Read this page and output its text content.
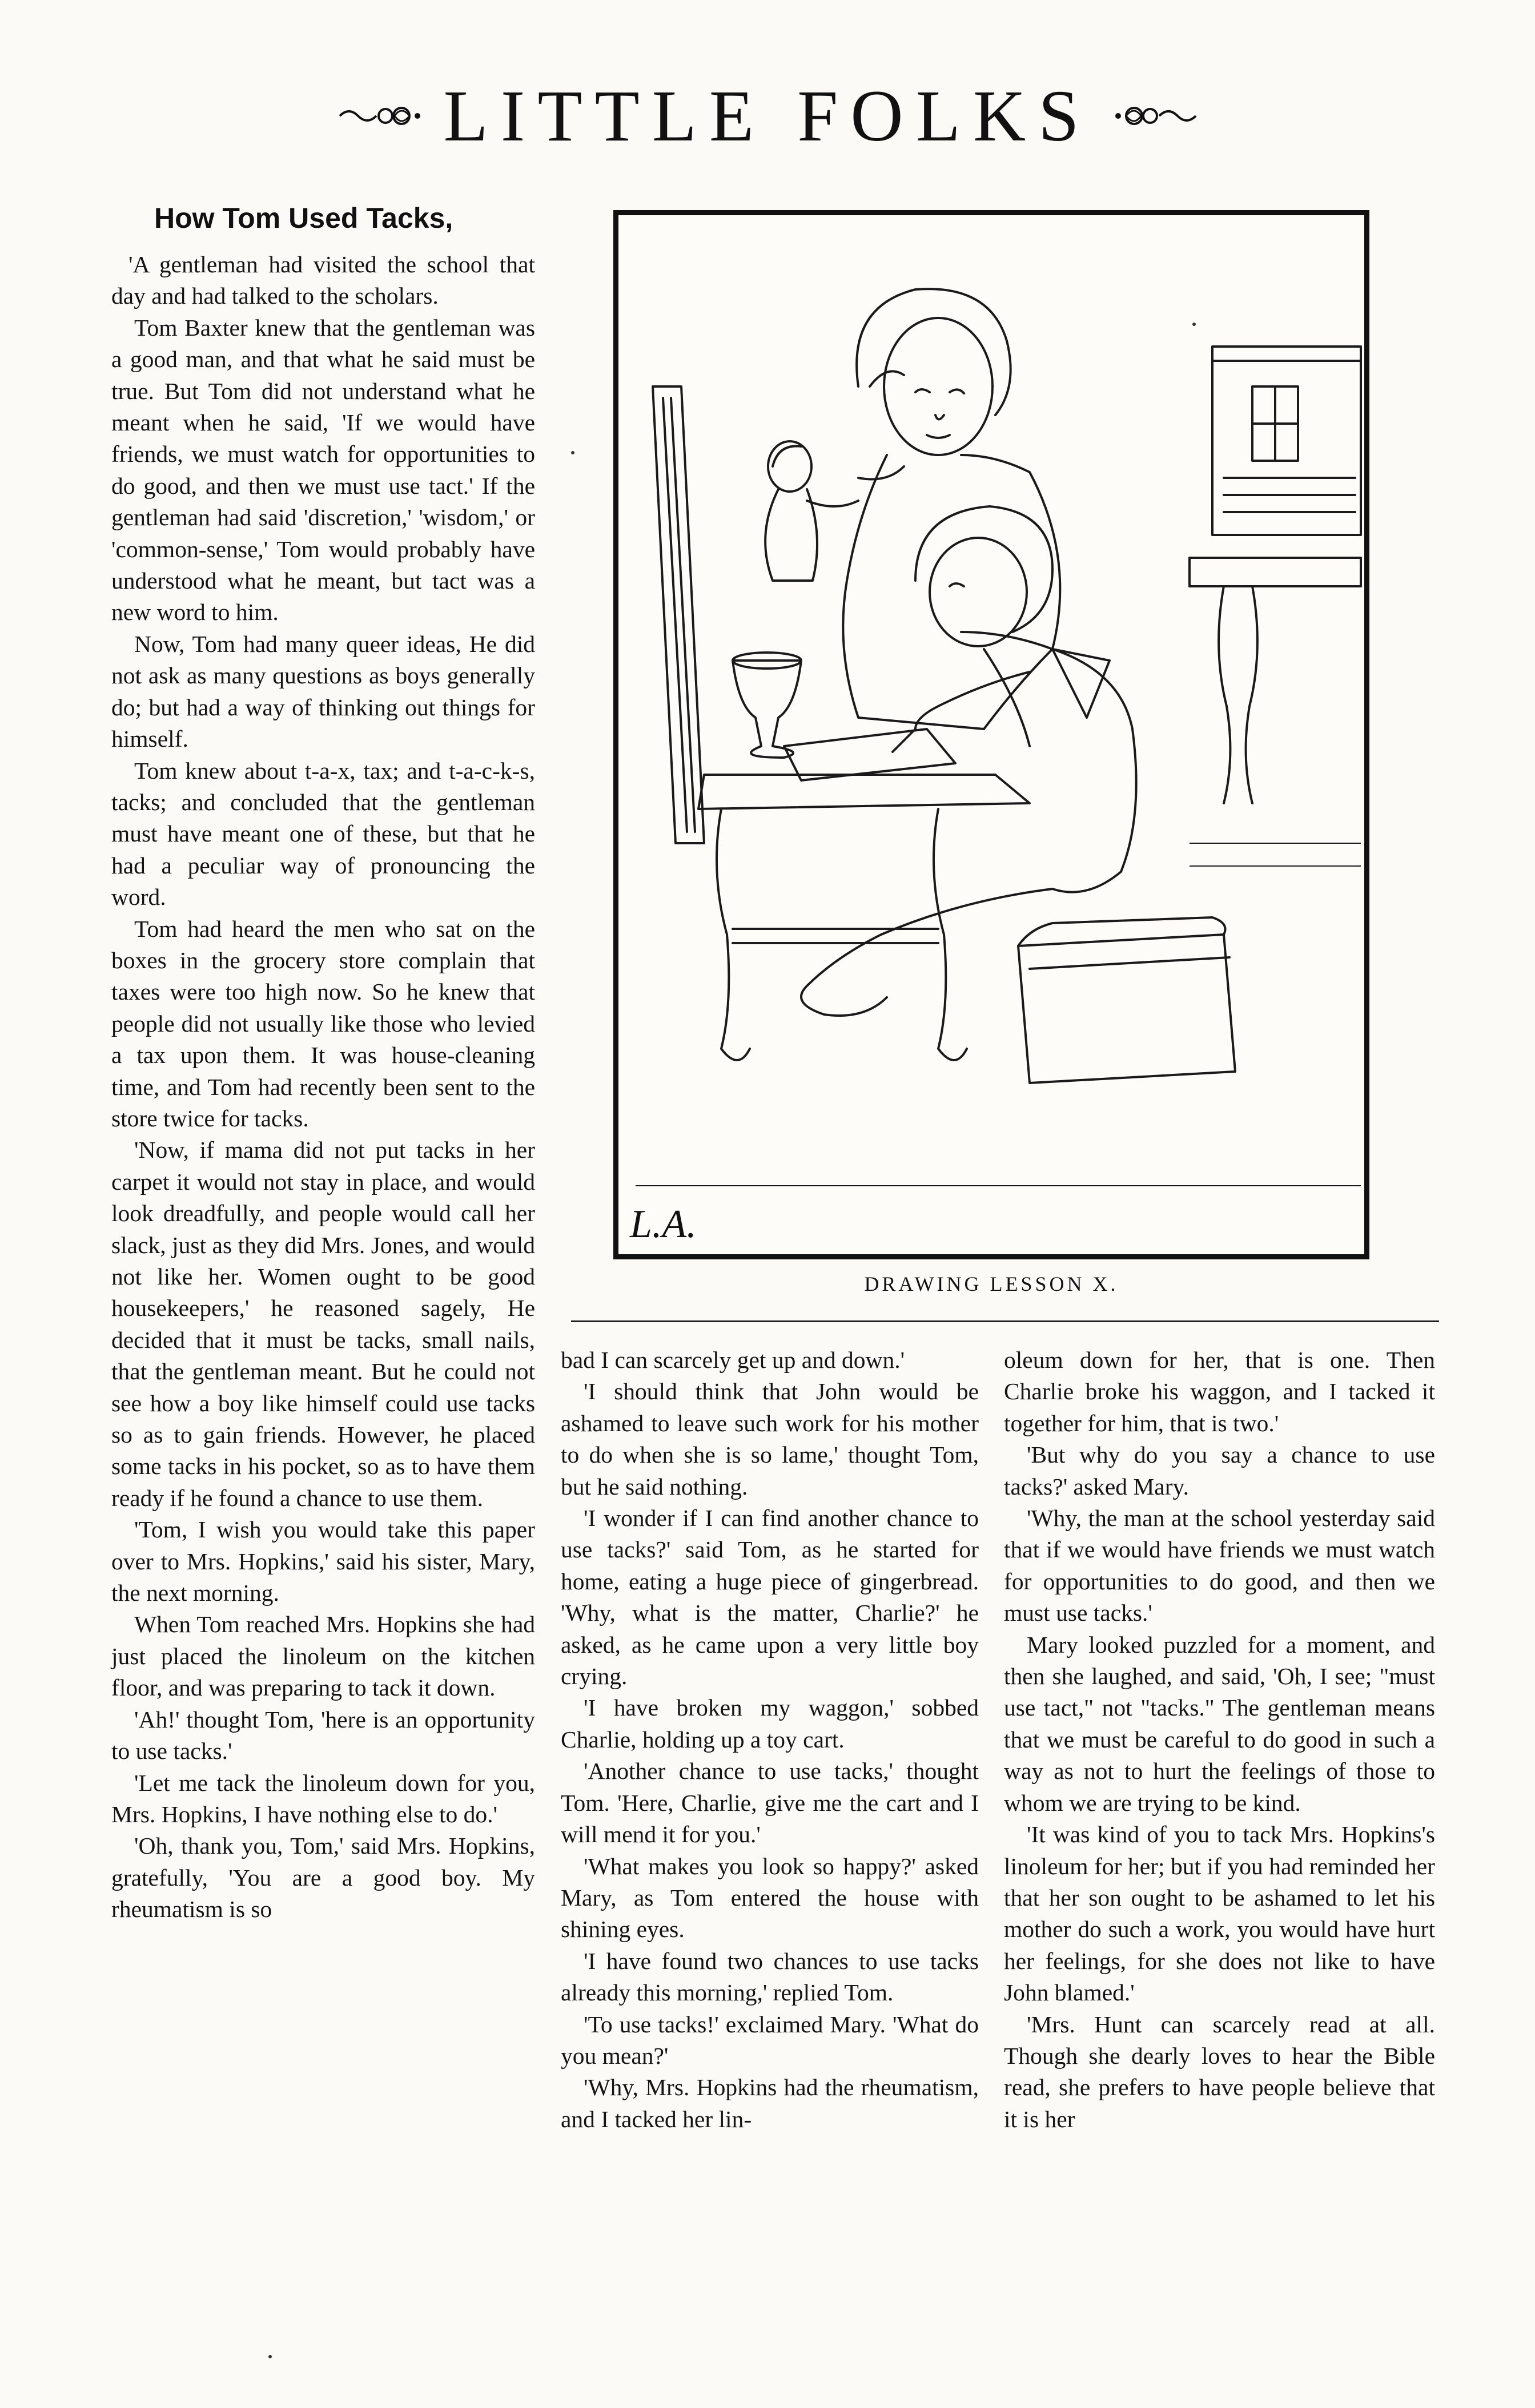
LITTLE FOLKS
How Tom Used Tacks,

'A gentleman had visited the school that day and had talked to the scholars.

Tom Baxter knew that the gentleman was a good man, and that what he said must be true. But Tom did not understand what he meant when he said, 'If we would have friends, we must watch for opportunities to do good, and then we must use tact.' If the gentleman had said 'discretion,' 'wisdom,' or 'common-sense,' Tom would probably have understood what he meant, but tact was a new word to him.

Now, Tom had many queer ideas, He did not ask as many questions as boys generally do; but had a way of thinking out things for himself.

Tom knew about t-a-x, tax; and t-a-c-k-s, tacks; and concluded that the gentleman must have meant one of these, but that he had a peculiar way of pronouncing the word.

Tom had heard the men who sat on the boxes in the grocery store complain that taxes were too high now. So he knew that people did not usually like those who levied a tax upon them. It was house-cleaning time, and Tom had recently been sent to the store twice for tacks.

'Now, if mama did not put tacks in her carpet it would not stay in place, and would look dreadfully, and people would call her slack, just as they did Mrs. Jones, and would not like her. Women ought to be good housekeepers,' he reasoned sagely, He decided that it must be tacks, small nails, that the gentleman meant. But he could not see how a boy like himself could use tacks so as to gain friends. However, he placed some tacks in his pocket, so as to have them ready if he found a chance to use them.

'Tom, I wish you would take this paper over to Mrs. Hopkins,' said his sister, Mary, the next morning.

When Tom reached Mrs. Hopkins she had just placed the linoleum on the kitchen floor, and was preparing to tack it down.

'Ah!' thought Tom, 'here is an opportunity to use tacks.'

'Let me tack the linoleum down for you, Mrs. Hopkins, I have nothing else to do.'

'Oh, thank you, Tom,' said Mrs. Hopkins, gratefully, 'You are a good boy. My rheumatism is so

L.A.
DRAWING LESSON X.

bad I can scarcely get up and down.'

'I should think that John would be ashamed to leave such work for his mother to do when she is so lame,' thought Tom, but he said nothing.

'I wonder if I can find another chance to use tacks?' said Tom, as he started for home, eating a huge piece of gingerbread. 'Why, what is the matter, Charlie?' he asked, as he came upon a very little boy crying.

'I have broken my waggon,' sobbed Charlie, holding up a toy cart.

'Another chance to use tacks,' thought Tom. 'Here, Charlie, give me the cart and I will mend it for you.'

'What makes you look so happy?' asked Mary, as Tom entered the house with shining eyes.

'I have found two chances to use tacks already this morning,' replied Tom.

'To use tacks!' exclaimed Mary. 'What do you mean?'

'Why, Mrs. Hopkins had the rheumatism, and I tacked her lin-

oleum down for her, that is one. Then Charlie broke his waggon, and I tacked it together for him, that is two.'

'But why do you say a chance to use tacks?' asked Mary.

'Why, the man at the school yesterday said that if we would have friends we must watch for opportunities to do good, and then we must use tacks.'

Mary looked puzzled for a moment, and then she laughed, and said, 'Oh, I see; "must use tact," not "tacks." The gentleman means that we must be careful to do good in such a way as not to hurt the feelings of those to whom we are trying to be kind.

'It was kind of you to tack Mrs. Hopkins's linoleum for her; but if you had reminded her that her son ought to be ashamed to let his mother do such a work, you would have hurt her feelings, for she does not like to have John blamed.'

'Mrs. Hunt can scarcely read at all. Though she dearly loves to hear the Bible read, she prefers to have people believe that it is her
